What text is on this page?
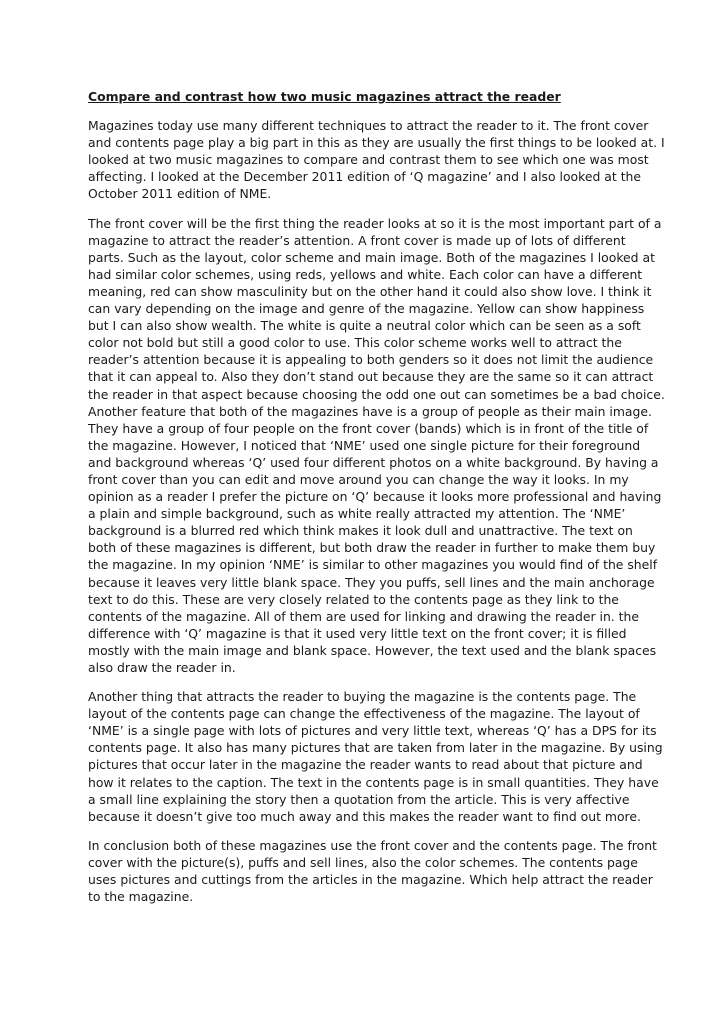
Compare and contrast how two music magazines attract the reader
Magazines today use many different techniques to attract the reader to it. The front cover
and contents page play a big part in this as they are usually the first things to be looked at. I
looked at two music magazines to compare and contrast them to see which one was most
affecting. I looked at the December 2011 edition of ‘Q magazine’ and I also looked at the
October 2011 edition of NME.
The front cover will be the first thing the reader looks at so it is the most important part of a
magazine to attract the reader’s attention. A front cover is made up of lots of different
parts. Such as the layout, color scheme and main image. Both of the magazines I looked at
had similar color schemes, using reds, yellows and white. Each color can have a different
meaning, red can show masculinity but on the other hand it could also show love. I think it
can vary depending on the image and genre of the magazine. Yellow can show happiness
but I can also show wealth. The white is quite a neutral color which can be seen as a soft
color not bold but still a good color to use. This color scheme works well to attract the
reader’s attention because it is appealing to both genders so it does not limit the audience
that it can appeal to. Also they don’t stand out because they are the same so it can attract
the reader in that aspect because choosing the odd one out can sometimes be a bad choice.
Another feature that both of the magazines have is a group of people as their main image.
They have a group of four people on the front cover (bands) which is in front of the title of
the magazine. However, I noticed that ‘NME’ used one single picture for their foreground
and background whereas ‘Q’ used four different photos on a white background. By having a
front cover than you can edit and move around you can change the way it looks. In my
opinion as a reader I prefer the picture on ‘Q’ because it looks more professional and having
a plain and simple background, such as white really attracted my attention. The ‘NME’
background is a blurred red which think makes it look dull and unattractive. The text on
both of these magazines is different, but both draw the reader in further to make them buy
the magazine. In my opinion ‘NME’ is similar to other magazines you would find of the shelf
because it leaves very little blank space. They you puffs, sell lines and the main anchorage
text to do this. These are very closely related to the contents page as they link to the
contents of the magazine. All of them are used for linking and drawing the reader in. the
difference with ‘Q’ magazine is that it used very little text on the front cover; it is filled
mostly with the main image and blank space. However, the text used and the blank spaces
also draw the reader in.
Another thing that attracts the reader to buying the magazine is the contents page. The
layout of the contents page can change the effectiveness of the magazine. The layout of
‘NME’ is a single page with lots of pictures and very little text, whereas ‘Q’ has a DPS for its
contents page. It also has many pictures that are taken from later in the magazine. By using
pictures that occur later in the magazine the reader wants to read about that picture and
how it relates to the caption. The text in the contents page is in small quantities. They have
a small line explaining the story then a quotation from the article. This is very affective
because it doesn’t give too much away and this makes the reader want to find out more.
In conclusion both of these magazines use the front cover and the contents page. The front
cover with the picture(s), puffs and sell lines, also the color schemes. The contents page
uses pictures and cuttings from the articles in the magazine. Which help attract the reader
to the magazine.
